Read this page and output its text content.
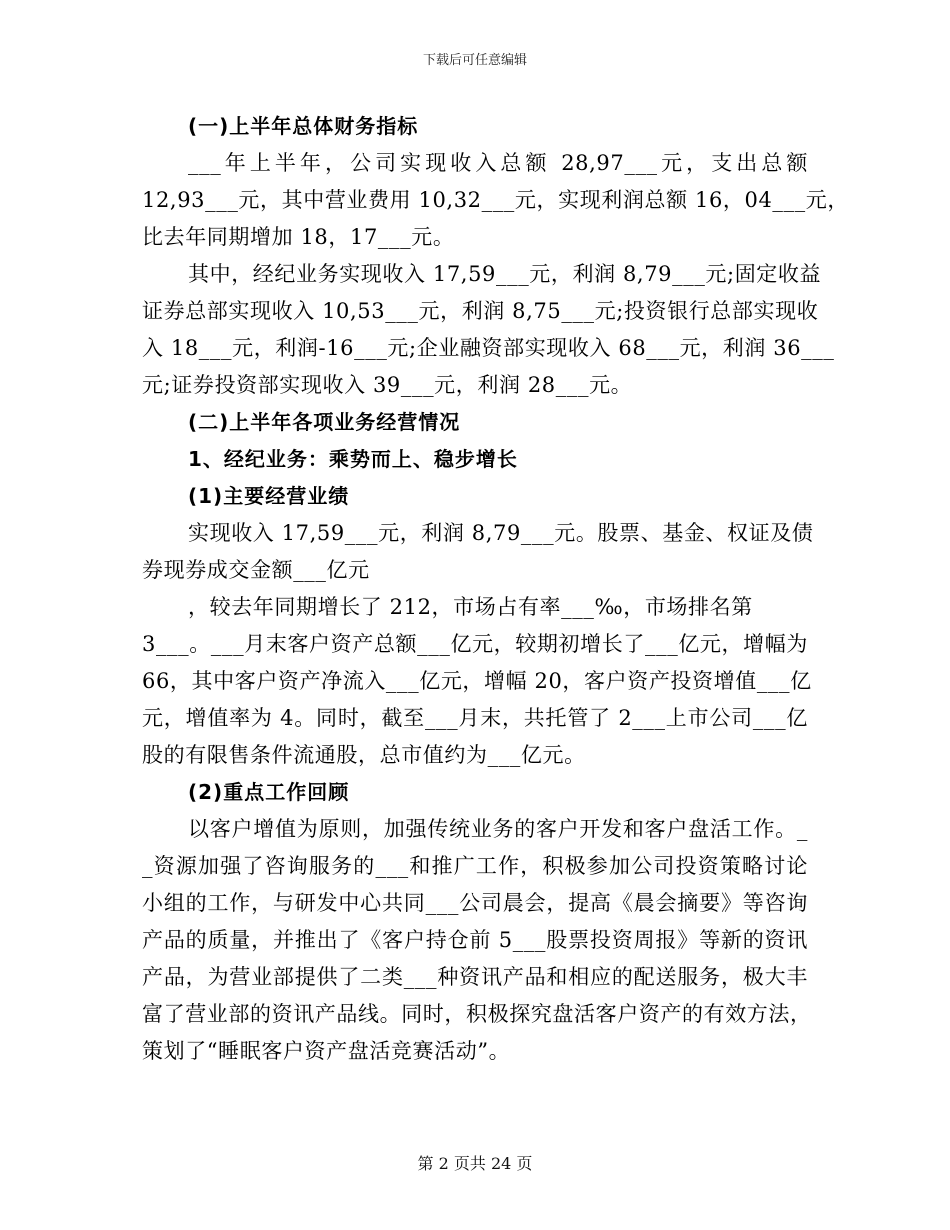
下载后可任意编辑
(一)上半年总体财务指标
___年上半年，公司实现收入总额 28,97___元，支出总额
12,93___元，其中营业费用 10,32___元，实现利润总额 16，04___元，
比去年同期增加 18，17___元。
其中，经纪业务实现收入 17,59___元，利润 8,79___元;固定收益
证券总部实现收入 10,53___元，利润 8,75___元;投资银行总部实现收
入 18___元，利润-16___元;企业融资部实现收入 68___元，利润 36___
元;证券投资部实现收入 39___元，利润 28___元。
(二)上半年各项业务经营情况
1、经纪业务：乘势而上、稳步增长
(1)主要经营业绩
实现收入 17,59___元，利润 8,79___元。股票、基金、权证及债
券现券成交金额___亿元
，较去年同期增长了 212，市场占有率___‰，市场排名第
3___。___月末客户资产总额___亿元，较期初增长了___亿元，增幅为
66，其中客户资产净流入___亿元，增幅 20，客户资产投资增值___亿
元，增值率为 4。同时，截至___月末，共托管了 2___上市公司___亿
股的有限售条件流通股，总市值约为___亿元。
(2)重点工作回顾
以客户增值为原则，加强传统业务的客户开发和客户盘活工作。_
_资源加强了咨询服务的___和推广工作，积极参加公司投资策略讨论
小组的工作，与研发中心共同___公司晨会，提高《晨会摘要》等咨询
产品的质量，并推出了《客户持仓前 5___股票投资周报》等新的资讯
产品，为营业部提供了二类___种资讯产品和相应的配送服务，极大丰
富了营业部的资讯产品线。同时，积极探究盘活客户资产的有效方法，
策划了“睡眠客户资产盘活竞赛活动”。
第 2 页共 24 页
